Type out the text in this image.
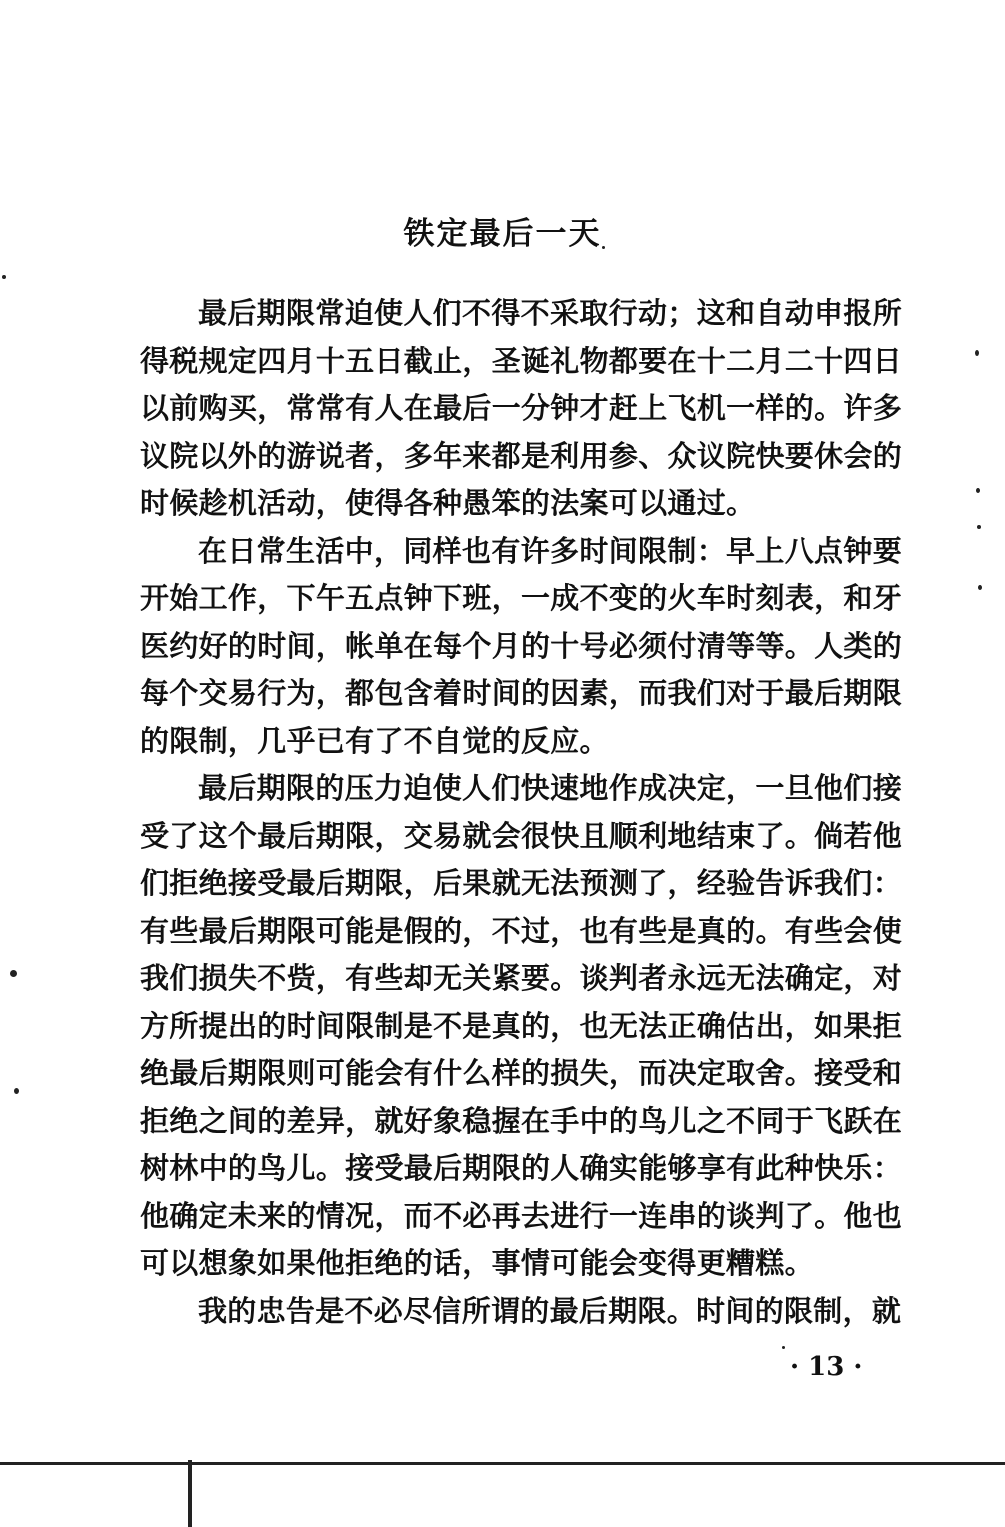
铁定最后一天

最后期限常迫使人们不得不采取行动；这和自动申报所得税规定四月十五日截止，圣诞礼物都要在十二月二十四日以前购买，常常有人在最后一分钟才赶上飞机一样的。许多议院以外的游说者，多年来都是利用参、众议院快要休会的时候趁机活动，使得各种愚笨的法案可以通过。

在日常生活中，同样也有许多时间限制：早上八点钟要开始工作，下午五点钟下班，一成不变的火车时刻表，和牙医约好的时间，帐单在每个月的十号必须付清等等。人类的每个交易行为，都包含着时间的因素，而我们对于最后期限的限制，几乎已有了不自觉的反应。

最后期限的压力迫使人们快速地作成决定，一旦他们接受了这个最后期限，交易就会很快且顺利地结束了。倘若他们拒绝接受最后期限，后果就无法预测了，经验告诉我们：有些最后期限可能是假的，不过，也有些是真的。有些会使我们损失不赀，有些却无关紧要。谈判者永远无法确定，对方所提出的时间限制是不是真的，也无法正确估出，如果拒绝最后期限则可能会有什么样的损失，而决定取舍。接受和拒绝之间的差异，就好象稳握在手中的鸟儿之不同于飞跃在树林中的鸟儿。接受最后期限的人确实能够享有此种快乐：他确定未来的情况，而不必再去进行一连串的谈判了。他也可以想象如果他拒绝的话，事情可能会变得更糟糕。

我的忠告是不必尽信所谓的最后期限。时间的限制，就

· 13 ·
